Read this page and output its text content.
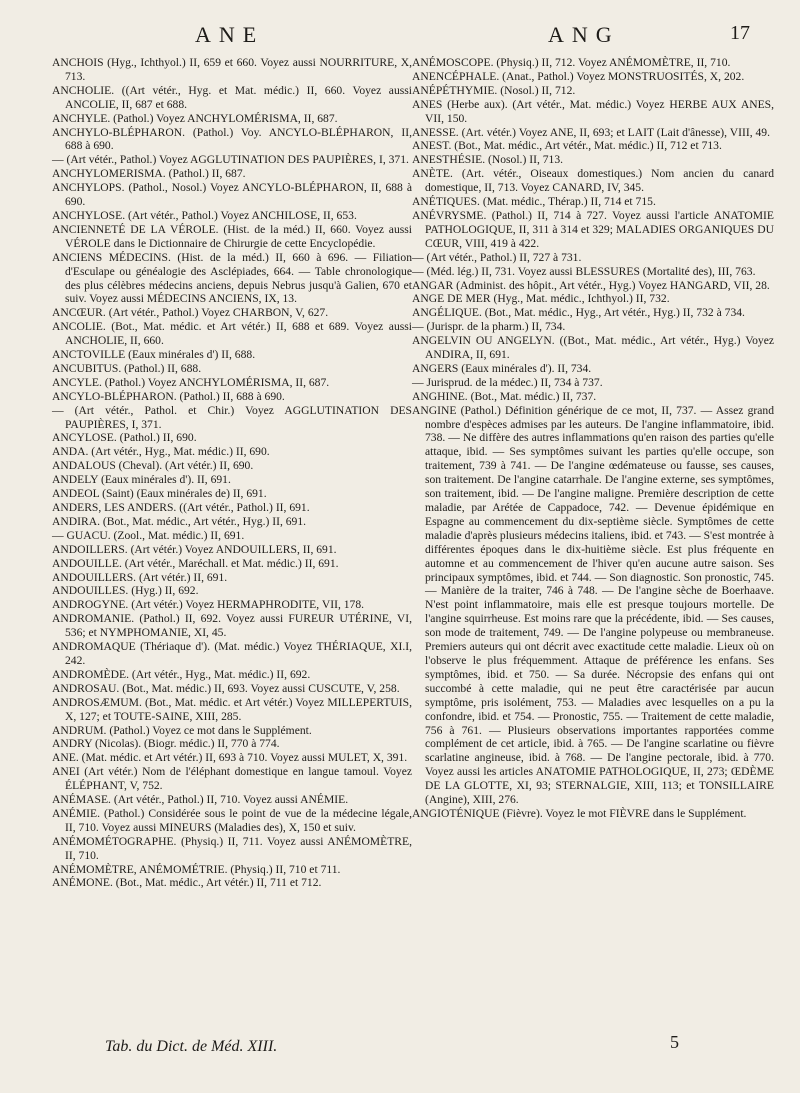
ANE	ANG	17

ANCHOIS (Hyg., Ichthyol.) II, 659 et 660. Voyez aussi NOURRITURE, X, 713.

ANCHOLIE. ((Art vétér., Hyg. et Mat. médic.) II, 660. Voyez aussi ANCOLIE, II, 687 et 688.

ANCHYLE. (Pathol.) Voyez ANCHYLOMÉRISMA, II, 687.

ANCHYLO-BLÉPHARON. (Pathol.) Voy. ANCYLO-BLÉPHARON, II, 688 à 690.

— (Art vétér., Pathol.) Voyez AGGLUTINATION DES PAUPIÈRES, I, 371.

ANCHYLOMERISMA. (Pathol.) II, 687.

ANCHYLOPS. (Pathol., Nosol.) Voyez ANCYLO-BLÉPHARON, II, 688 à 690.

ANCHYLOSE. (Art vétér., Pathol.) Voyez ANCHILOSE, II, 653.

ANCIENNETÉ DE LA VÉROLE. (Hist. de la méd.) II, 660. Voyez aussi VÉROLE dans le Dictionnaire de Chirurgie de cette Encyclopédie.

ANCIENS MÉDECINS. (Hist. de la méd.) II, 660 à 696. — Filiation d'Esculape ou généalogie des Asclépiades, 664. — Table chronologique des plus célèbres médecins anciens, depuis Nebrus jusqu'à Galien, 670 et suiv. Voyez aussi MÉDECINS ANCIENS, IX, 13.

ANCŒUR. (Art vétér., Pathol.) Voyez CHARBON, V, 627.

ANCOLIE. (Bot., Mat. médic. et Art vétér.) II, 688 et 689. Voyez aussi ANCHOLIE, II, 660.

ANCTOVILLE (Eaux minérales d') II, 688.

ANCUBITUS. (Pathol.) II, 688.

ANCYLE. (Pathol.) Voyez ANCHYLOMÉRISMA, II, 687.

ANCYLO-BLÉPHARON. (Pathol.) II, 688 à 690.

— (Art vétér., Pathol. et Chir.) Voyez AGGLUTINATION DES PAUPIÈRES, I, 371.

ANCYLOSE. (Pathol.) II, 690.

ANDA. (Art vétér., Hyg., Mat. médic.) II, 690.

ANDALOUS (Cheval). (Art vétér.) II, 690.

ANDELY (Eaux minérales d'). II, 691.

ANDEOL (Saint) (Eaux minérales de) II, 691.

ANDERS, LES ANDERS. ((Art vétér., Pathol.) II, 691.

ANDIRA. (Bot., Mat. médic., Art vétér., Hyg.) II, 691.

— GUACU. (Zool., Mat. médic.) II, 691.

ANDOILLERS. (Art vétér.) Voyez ANDOUILLERS, II, 691.

ANDOUILLE. (Art vétér., Maréchall. et Mat. médic.) II, 691.

ANDOUILLERS. (Art vétér.) II, 691.

ANDOUILLES. (Hyg.) II, 692.

ANDROGYNE. (Art vétér.) Voyez HERMAPHRODITE, VII, 178.

ANDROMANIE. (Pathol.) II, 692. Voyez aussi FUREUR UTÉRINE, VI, 536; et NYMPHOMANIE, XI, 45.

ANDROMAQUE (Thériaque d'). (Mat. médic.) Voyez THÉRIAQUE, XI.I, 242.

ANDROMÈDE. (Art vétér., Hyg., Mat. médic.) II, 692.

ANDROSAU. (Bot., Mat. médic.) II, 693. Voyez aussi CUSCUTE, V, 258.

ANDROSÆMUM. (Bot., Mat. médic. et Art vétér.) Voyez MILLEPERTUIS, X, 127; et TOUTE-SAINE, XIII, 285.

ANDRUM. (Pathol.) Voyez ce mot dans le Supplément.

ANDRY (Nicolas). (Biogr. médic.) II, 770 à 774.

ANE. (Mat. médic. et Art vétér.) II, 693 à 710. Voyez aussi MULET, X, 391.

ANEI (Art vétér.) Nom de l'éléphant domestique en langue tamoul. Voyez ÉLÉPHANT, V, 752.

ANÉMASE. (Art vétér., Pathol.) II, 710. Voyez aussi ANÉMIE.

ANÉMIE. (Pathol.) Considérée sous le point de vue de la médecine légale, II, 710. Voyez aussi MINEURS (Maladies des), X, 150 et suiv.

ANÉMOMÉTOGRAPHE. (Physiq.) II, 711. Voyez aussi ANÉMOMÈTRE, II, 710.

ANÉMOMÈTRE, ANÉMOMÉTRIE. (Physiq.) II, 710 et 711.

ANÉMONE. (Bot., Mat. médic., Art vétér.) II, 711 et 712.

ANÉMOSCOPE. (Physiq.) II, 712. Voyez ANÉMOMÈTRE, II, 710.

ANENCÉPHALE. (Anat., Pathol.) Voyez MONSTRUOSITÉS, X, 202.

ANÉPÉTHYMIE. (Nosol.) II, 712.

ANES (Herbe aux). (Art vétér., Mat. médic.) Voyez HERBE AUX ANES, VII, 150.

ANESSE. (Art. vétér.) Voyez ANE, II, 693; et LAIT (Lait d'ânesse), VIII, 49.

ANEST. (Bot., Mat. médic., Art vétér., Mat. médic.) II, 712 et 713.

ANESTHÉSIE. (Nosol.) II, 713.

ANÈTE. (Art. vétér., Oiseaux domestiques.) Nom ancien du canard domestique, II, 713. Voyez CANARD, IV, 345.

ANÉTIQUES. (Mat. médic., Thérap.) II, 714 et 715.

ANÉVRYSME. (Pathol.) II, 714 à 727. Voyez aussi l'article ANATOMIE PATHOLOGIQUE, II, 311 à 314 et 329; MALADIES ORGANIQUES DU CŒUR, VIII, 419 à 422.

— (Art vétér., Pathol.) II, 727 à 731.

— (Méd. lég.) II, 731. Voyez aussi BLESSURES (Mortalité des), III, 763.

ANGAR (Administ. des hôpit., Art vétér., Hyg.) Voyez HANGARD, VII, 28.

ANGE DE MER (Hyg., Mat. médic., Ichthyol.) II, 732.

ANGÉLIQUE. (Bot., Mat. médic., Hyg., Art vétér., Hyg.) II, 732 à 734.

— (Jurispr. de la pharm.) II, 734.

ANGELVIN OU ANGELYN. ((Bot., Mat. médic., Art vétér., Hyg.) Voyez ANDIRA, II, 691.

ANGERS (Eaux minérales d'). II, 734.

— Jurisprud. de la médec.) II, 734 à 737.

ANGHINE. (Bot., Mat. médic.) II, 737.

ANGINE (Pathol.) Définition générique de ce mot, II, 737. — Assez grand nombre d'espèces admises par les auteurs. De l'angine inflammatoire, ibid. 738. — Ne diffère des autres inflammations qu'en raison des parties qu'elle attaque, ibid. — Ses symptômes suivant les parties qu'elle occupe, son traitement, 739 à 741. — De l'angine œdémateuse ou fausse, ses causes, son traitement. De l'angine catarrhale. De l'angine externe, ses symptômes, son traitement, ibid. — De l'angine maligne. Première description de cette maladie, par Arétée de Cappadoce, 742. — Devenue épidémique en Espagne au commencement du dix-septième siècle. Symptômes de cette maladie d'après plusieurs médecins italiens, ibid. et 743. — S'est montrée à différentes époques dans le dix-huitième siècle. Est plus fréquente en automne et au commencement de l'hiver qu'en aucune autre saison. Ses principaux symptômes, ibid. et 744. — Son diagnostic. Son pronostic, 745. — Manière de la traiter, 746 à 748. — De l'angine sèche de Boerhaave. N'est point inflammatoire, mais elle est presque toujours mortelle. De l'angine squirrheuse. Est moins rare que la précédente, ibid. — Ses causes, son mode de traitement, 749. — De l'angine polypeuse ou membraneuse. Premiers auteurs qui ont décrit avec exactitude cette maladie. Lieux où on l'observe le plus fréquemment. Attaque de préférence les enfans. Ses symptômes, ibid. et 750. — Sa durée. Nécropsie des enfans qui ont succombé à cette maladie, qui ne peut être caractérisée par aucun symptôme, pris isolément, 753. — Maladies avec lesquelles on a pu la confondre, ibid. et 754. — Pronostic, 755. — Traitement de cette maladie, 756 à 761. — Plusieurs observations importantes rapportées comme complément de cet article, ibid. à 765. — De l'angine scarlatine ou fièvre scarlatine angineuse, ibid. à 768. — De l'angine pectorale, ibid. à 770. Voyez aussi les articles ANATOMIE PATHOLOGIQUE, II, 273; ŒDÈME DE LA GLOTTE, XI, 93; STERNALGIE, XIII, 113; et TONSILLAIRE (Angine), XIII, 276.

ANGIOTÉNIQUE (Fièvre). Voyez le mot FIÈVRE dans le Supplément.

Tab. du Dict. de Méd. XIII.	5
